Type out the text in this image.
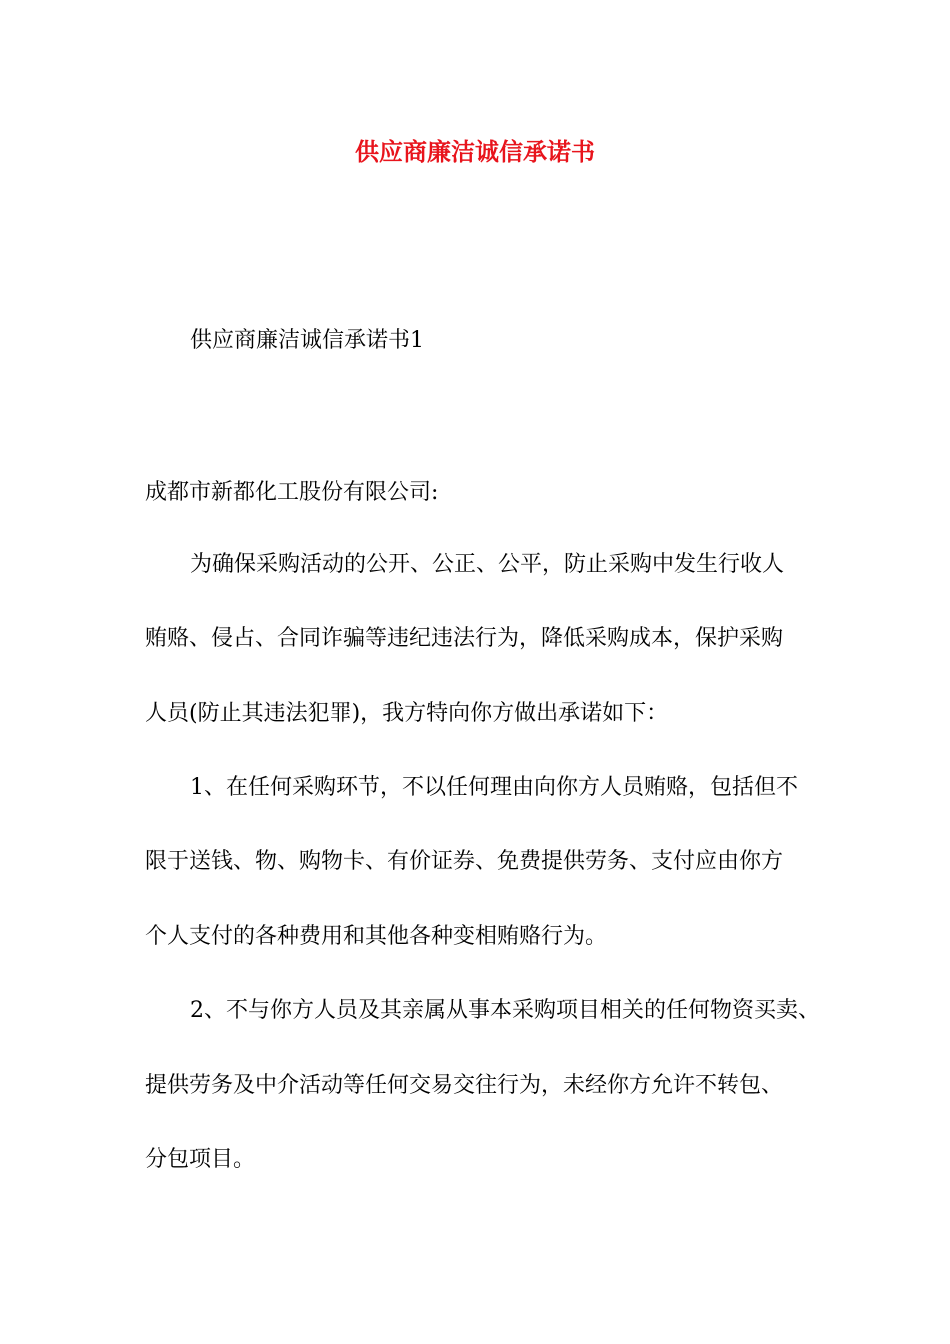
供应商廉洁诚信承诺书
供应商廉洁诚信承诺书1
成都市新都化工股份有限公司:
为确保采购活动的公开、公正、公平，防止采购中发生行收人
贿赂、侵占、合同诈骗等违纪违法行为，降低采购成本，保护采购
人员(防止其违法犯罪)，我方特向你方做出承诺如下：
1、在任何采购环节，不以任何理由向你方人员贿赂，包括但不
限于送钱、物、购物卡、有价证券、免费提供劳务、支付应由你方
个人支付的各种费用和其他各种变相贿赂行为。
2、不与你方人员及其亲属从事本采购项目相关的任何物资买卖、
提供劳务及中介活动等任何交易交往行为，未经你方允许不转包、
分包项目。
